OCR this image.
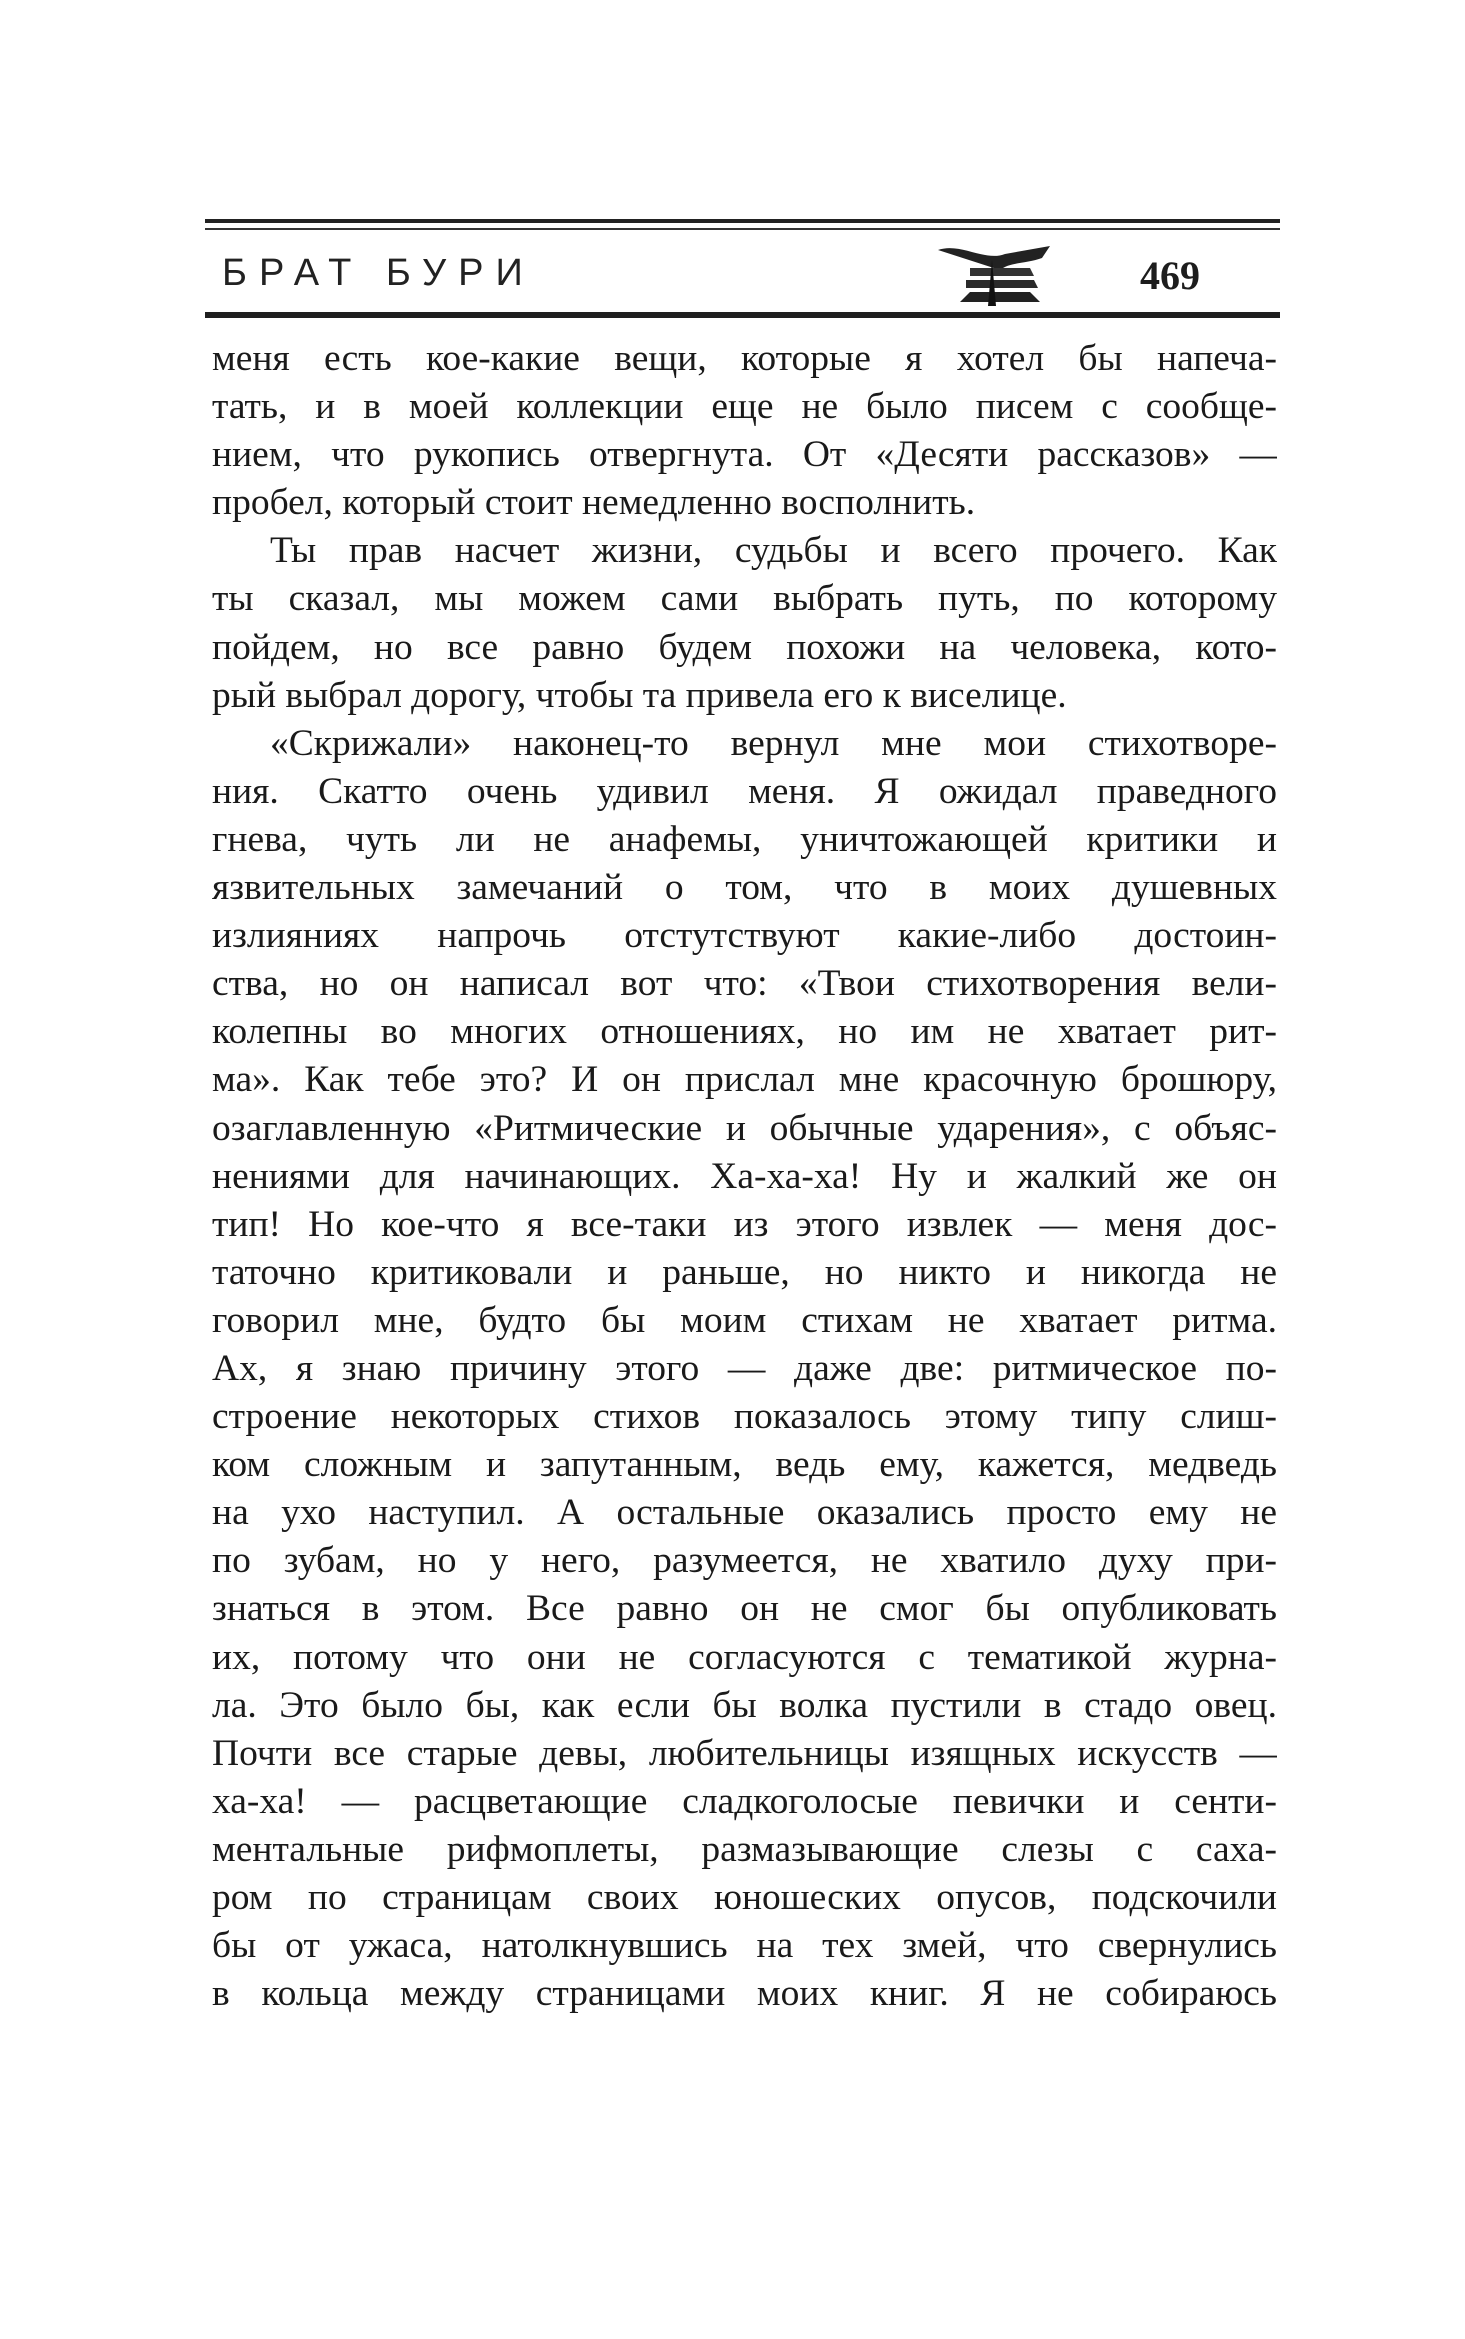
БРАТ БУРИ	469
меня есть кое-какие вещи, которые я хотел бы напеча-
тать, и в моей коллекции еще не было писем с сообще-
нием, что рукопись отвергнута. От «Десяти рассказов» —
пробел, который стоит немедленно восполнить.
Ты прав насчет жизни, судьбы и всего прочего. Как
ты сказал, мы можем сами выбрать путь, по которому
пойдем, но все равно будем похожи на человека, кото-
рый выбрал дорогу, чтобы та привела его к виселице.
«Скрижали» наконец-то вернул мне мои стихотворе-
ния. Скатто очень удивил меня. Я ожидал праведного
гнева, чуть ли не анафемы, уничтожающей критики и
язвительных замечаний о том, что в моих душевных
излияниях напрочь отстутствуют какие-либо достоин-
ства, но он написал вот что: «Твои стихотворения вели-
колепны во многих отношениях, но им не хватает рит-
ма». Как тебе это? И он прислал мне красочную брошюру,
озаглавленную «Ритмические и обычные ударения», с объяс-
нениями для начинающих. Ха-ха-ха! Ну и жалкий же он
тип! Но кое-что я все-таки из этого извлек — меня дос-
таточно критиковали и раньше, но никто и никогда не
говорил мне, будто бы моим стихам не хватает ритма.
Ах, я знаю причину этого — даже две: ритмическое по-
строение некоторых стихов показалось этому типу слиш-
ком сложным и запутанным, ведь ему, кажется, медведь
на ухо наступил. А остальные оказались просто ему не
по зубам, но у него, разумеется, не хватило духу при-
знаться в этом. Все равно он не смог бы опубликовать
их, потому что они не согласуются с тематикой журна-
ла. Это было бы, как если бы волка пустили в стадо овец.
Почти все старые девы, любительницы изящных искусств —
ха-ха! — расцветающие сладкоголосые певички и сенти-
ментальные рифмоплеты, размазывающие слезы с саха-
ром по страницам своих юношеских опусов, подскочили
бы от ужаса, натолкнувшись на тех змей, что свернулись
в кольца между страницами моих книг. Я не собираюсь
